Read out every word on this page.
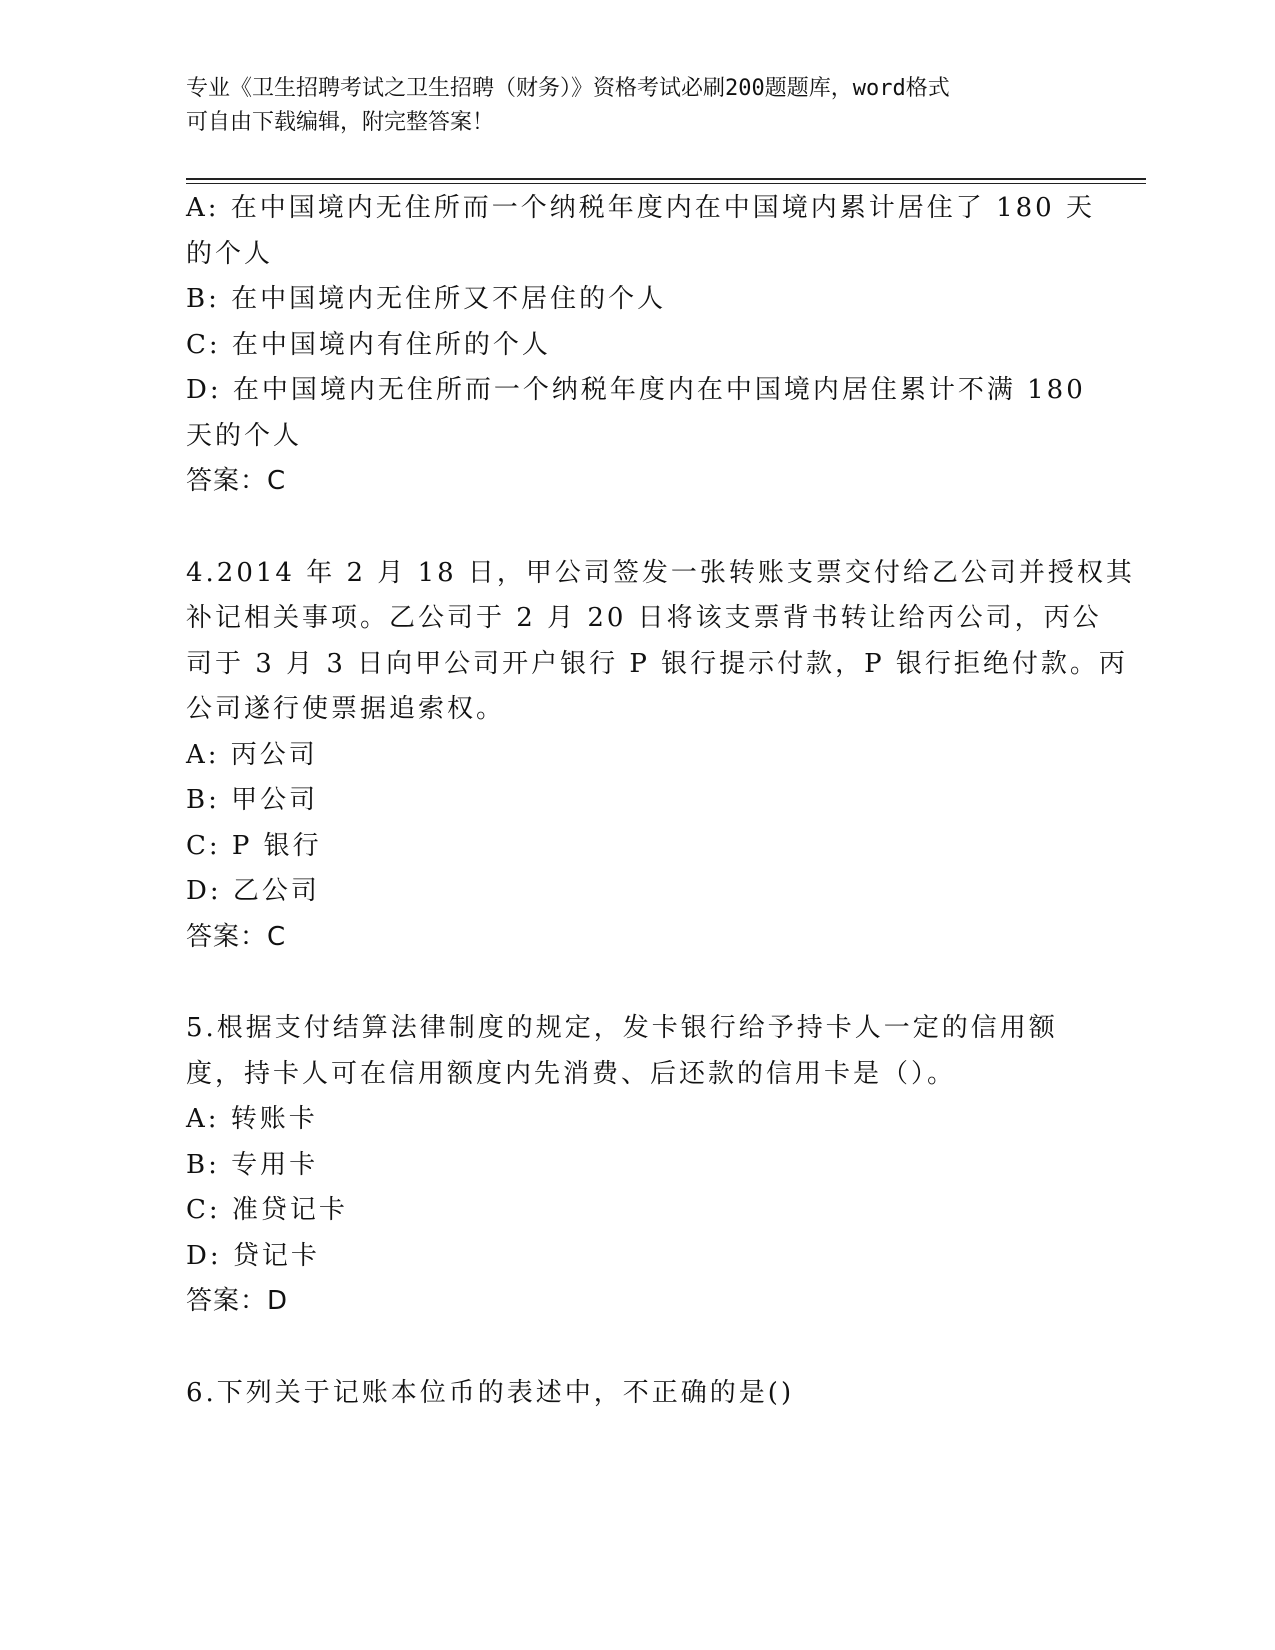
专业《卫生招聘考试之卫生招聘（财务）》资格考试必刷200题题库，word格式
可自由下载编辑，附完整答案！
A: 在中国境内无住所而一个纳税年度内在中国境内累计居住了 180 天
的个人
B: 在中国境内无住所又不居住的个人
C: 在中国境内有住所的个人
D: 在中国境内无住所而一个纳税年度内在中国境内居住累计不满 180
天的个人
答案：C
4.2014 年 2 月 18 日，甲公司签发一张转账支票交付给乙公司并授权其
补记相关事项。乙公司于 2 月 20 日将该支票背书转让给丙公司，丙公
司于 3 月 3 日向甲公司开户银行 P 银行提示付款，P 银行拒绝付款。丙
公司遂行使票据追索权。
A: 丙公司
B: 甲公司
C: P 银行
D: 乙公司
答案：C
5.根据支付结算法律制度的规定，发卡银行给予持卡人一定的信用额
度，持卡人可在信用额度内先消费、后还款的信用卡是（）。
A: 转账卡
B: 专用卡
C: 准贷记卡
D: 贷记卡
答案：D
6.下列关于记账本位币的表述中，不正确的是()
